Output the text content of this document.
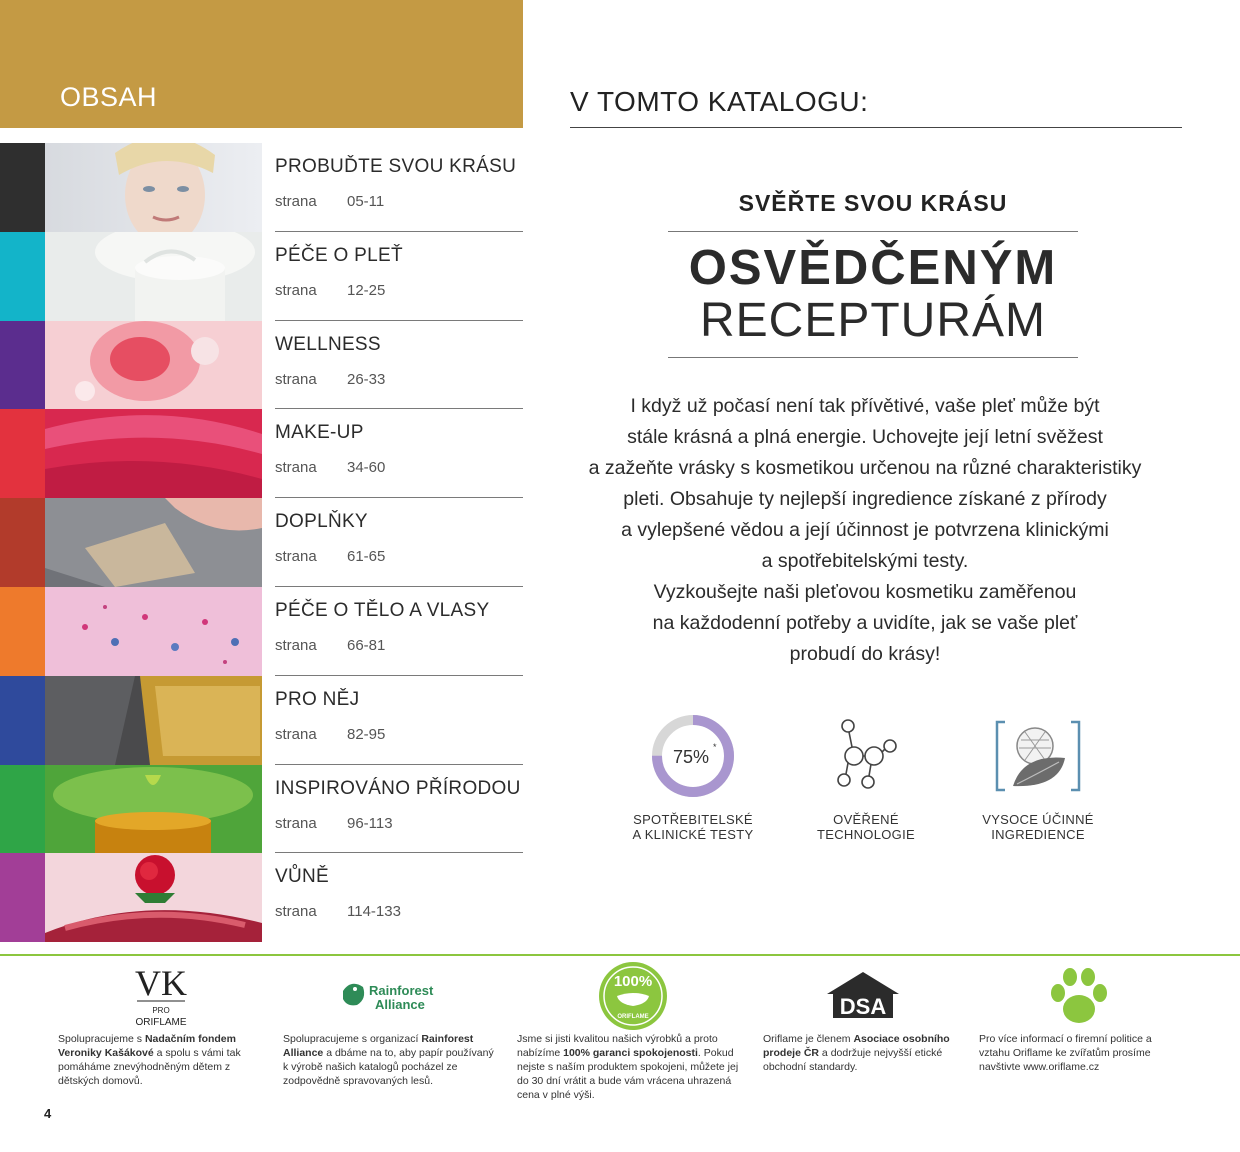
OBSAH
PROBUĎTE SVOU KRÁSU
strana 05-11
PÉČE O PLEŤ
strana 12-25
WELLNESS
strana 26-33
MAKE-UP
strana 34-60
DOPLŇKY
strana 61-65
PÉČE O TĚLO A VLASY
strana 66-81
PRO NĚJ
strana 82-95
INSPIROVÁNO PŘÍRODOU
strana 96-113
VŮNĚ
strana 114-133
V TOMTO KATALOGU:
SVĚŘTE SVOU KRÁSU
OSVĚDČENÝM
RECEPTURÁM
I když už počasí není tak přívětivé, vaše pleť může být
stále krásná a plná energie. Uchovejte její letní svěžest
a zažeňte vrásky s kosmetikou určenou na různé charakteristiky
pleti. Obsahuje ty nejlepší ingredience získané z přírody
a vylepšené vědou a její účinnost je potvrzena klinickými
a spotřebitelskými testy.
Vyzkoušejte naši pleťovou kosmetiku zaměřenou
na každodenní potřeby a uvidíte, jak se vaše pleť
probudí do krásy!
75% *
SPOTŘEBITELSKÉ
A KLINICKÉ TESTY
OVĚŘENÉ
TECHNOLOGIE
VYSOCE ÚČINNÉ
INGREDIENCE
VK
PRO
ORIFLAME
Spolupracujeme s Nadačním fondem Veroniky Kašákové a spolu s vámi tak pomáháme znevýhodněným dětem z dětských domovů.
Rainforest
Alliance
Spolupracujeme s organizací Rainforest Alliance a dbáme na to, aby papír používaný k výrobě našich katalogů pocházel ze zodpovědně spravovaných lesů.
100%
ORIFLAME
Jsme si jisti kvalitou našich výrobků a proto nabízíme 100% garanci spokojenosti. Pokud nejste s naším produktem spokojeni, můžete jej do 30 dní vrátit a bude vám vrácena uhrazená cena v plné výši.
DSA
Oriflame je členem Asociace osobního prodeje ČR a dodržuje nejvyšší etické obchodní standardy.
Pro více informací o firemní politice a vztahu Oriflame ke zvířatům prosíme navštivte www.oriflame.cz
4
